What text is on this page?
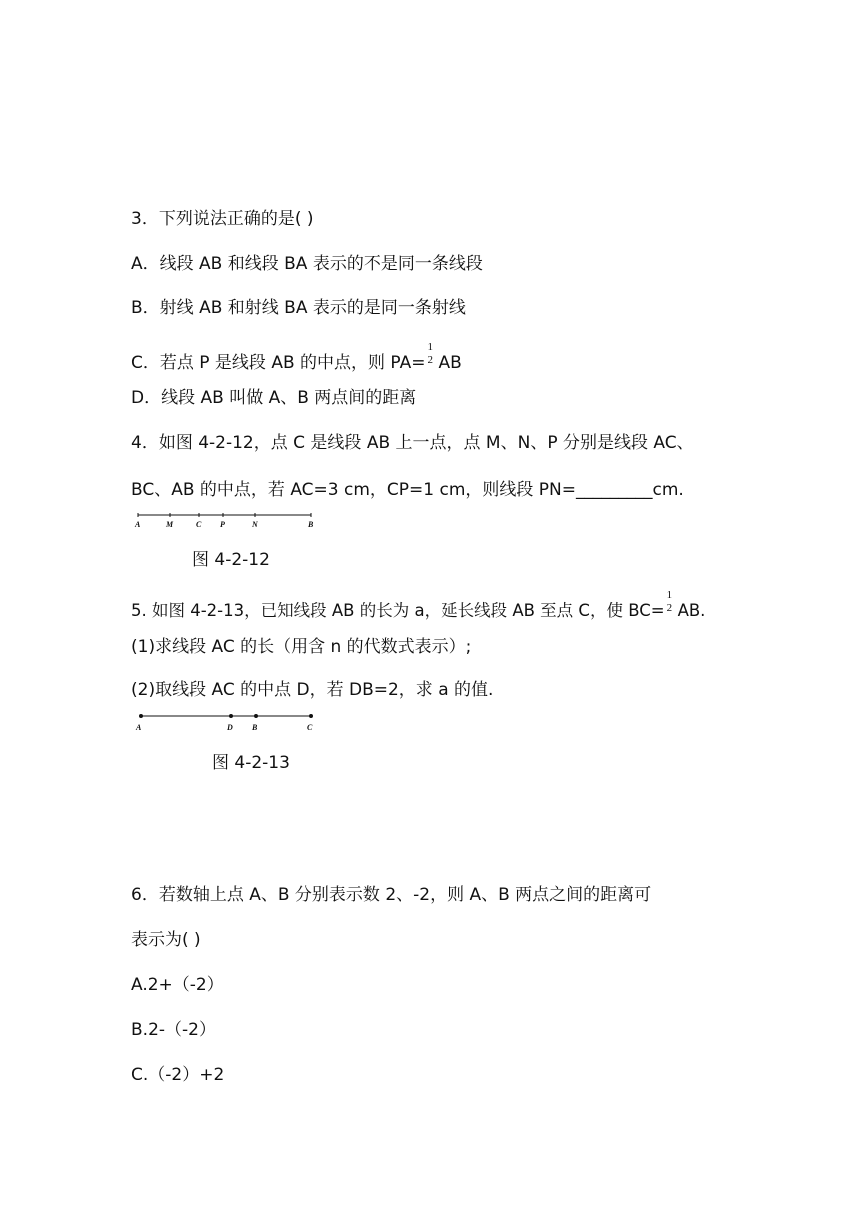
3．下列说法正确的是( )
A．线段 AB 和线段 BA 表示的不是同一条线段
B．射线 AB 和射线 BA 表示的是同一条射线
C．若点 P 是线段 AB 的中点，则 PA=
1
2 AB
D．线段 AB 叫做 A、B 两点间的距离
4．如图 4-2-12，点 C 是线段 AB 上一点，点 M、N、P 分别是线段 AC、
BC、AB 的中点，若 AC=3 cm，CP=1 cm，则线段 PN=_________cm.
A	M	C P	N	B
图 4-2-12
5. 如图 4-2-13，已知线段 AB 的长为 a，延长线段 AB 至点 C，使 BC=
1
2 AB.
(1)求线段 AC 的长（用含 n 的代数式表示）;
(2)取线段 AC 的中点 D，若 DB=2，求 a 的值.
A	D B	C
图 4-2-13
6．若数轴上点 A、B 分别表示数 2、-2，则 A、B 两点之间的距离可
表示为( )
A.2+（-2）
B.2-（-2）
C.（-2）+2
